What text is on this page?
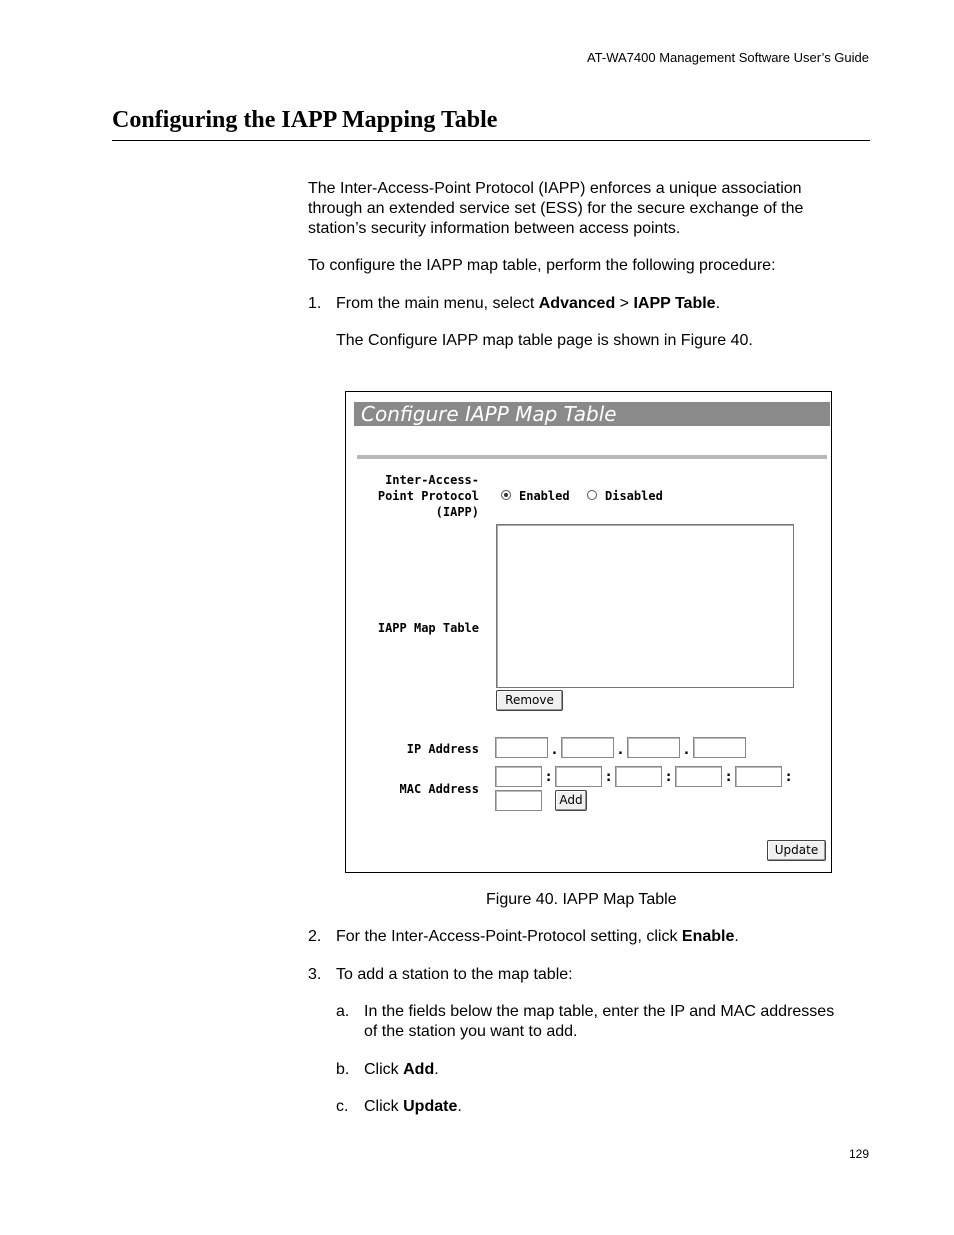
AT-WA7400 Management Software User’s Guide
Configuring the IAPP Mapping Table
The Inter-Access-Point Protocol (IAPP) enforces a unique association
through an extended service set (ESS) for the secure exchange of the
station’s security information between access points.
To configure the IAPP map table, perform the following procedure:
1. From the main menu, select Advanced > IAPP Table.
The Configure IAPP map table page is shown in Figure 40.
Configure IAPP Map Table
Inter-Access-
Point Protocol
(IAPP)
Enabled	Disabled
IAPP Map Table
Remove
IP Address	.	.	.
MAC Address
:	:	:	:	:
Add
Update
Figure 40. IAPP Map Table
2. For the Inter-Access-Point-Protocol setting, click Enable.
3. To add a station to the map table:
a. In the fields below the map table, enter the IP and MAC addresses
of the station you want to add.
b. Click Add.
c. Click Update.
129
